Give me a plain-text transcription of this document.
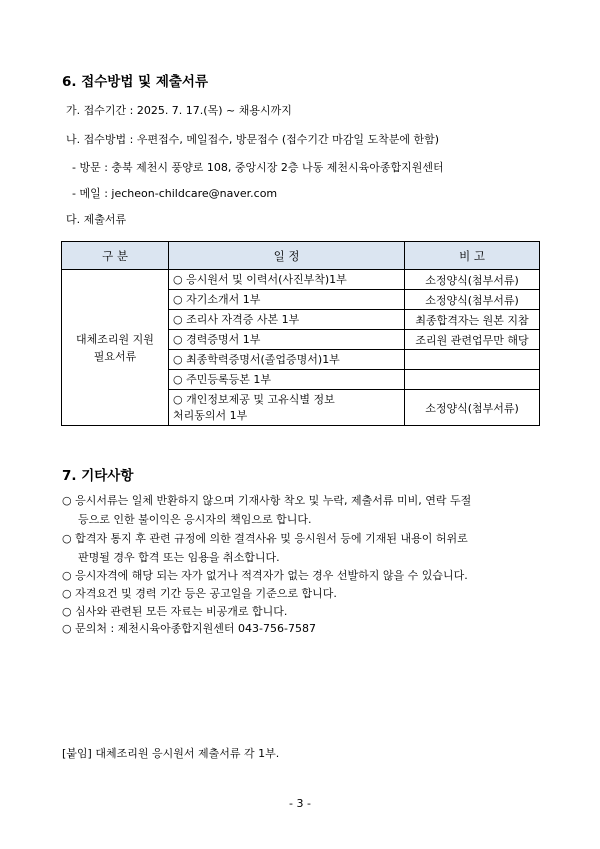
6. 접수방법 및 제출서류
가. 접수기간 : 2025. 7. 17.(목) ~ 채용시까지
나. 접수방법 : 우편접수, 메일접수, 방문접수 (접수기간 마감일 도착분에 한함)
- 방문 : 충북 제천시 풍양로 108, 중앙시장 2층 나동 제천시육아종합지원센터
- 메일 : jecheon-childcare@naver.com
다. 제출서류
구 분	일 정	비 고
대체조리원 지원
필요서류	○ 응시원서 및 이력서(사진부착)1부	소정양식(첨부서류)
	○ 자기소개서 1부	소정양식(첨부서류)
	○ 조리사 자격증 사본 1부	최종합격자는 원본 지참
	○ 경력증명서 1부	조리원 관련업무만 해당
	○ 최종학력증명서(졸업증명서)1부	
	○ 주민등록등본 1부	
	○ 개인정보제공 및 고유식별 정보
처리동의서 1부	소정양식(첨부서류)
7. 기타사항
○ 응시서류는 일체 반환하지 않으며 기재사항 착오 및 누락, 제출서류 미비, 연락 두절
등으로 인한 불이익은 응시자의 책임으로 합니다.
○ 합격자 통지 후 관련 규정에 의한 결격사유 및 응시원서 등에 기재된 내용이 허위로
판명될 경우 합격 또는 임용을 취소합니다.
○ 응시자격에 해당 되는 자가 없거나 적격자가 없는 경우 선발하지 않을 수 있습니다.
○ 자격요건 및 경력 기간 등은 공고일을 기준으로 합니다.
○ 심사와 관련된 모든 자료는 비공개로 합니다.
○ 문의처 : 제천시육아종합지원센터 043-756-7587
[붙임] 대체조리원 응시원서 제출서류 각 1부.
- 3 -
